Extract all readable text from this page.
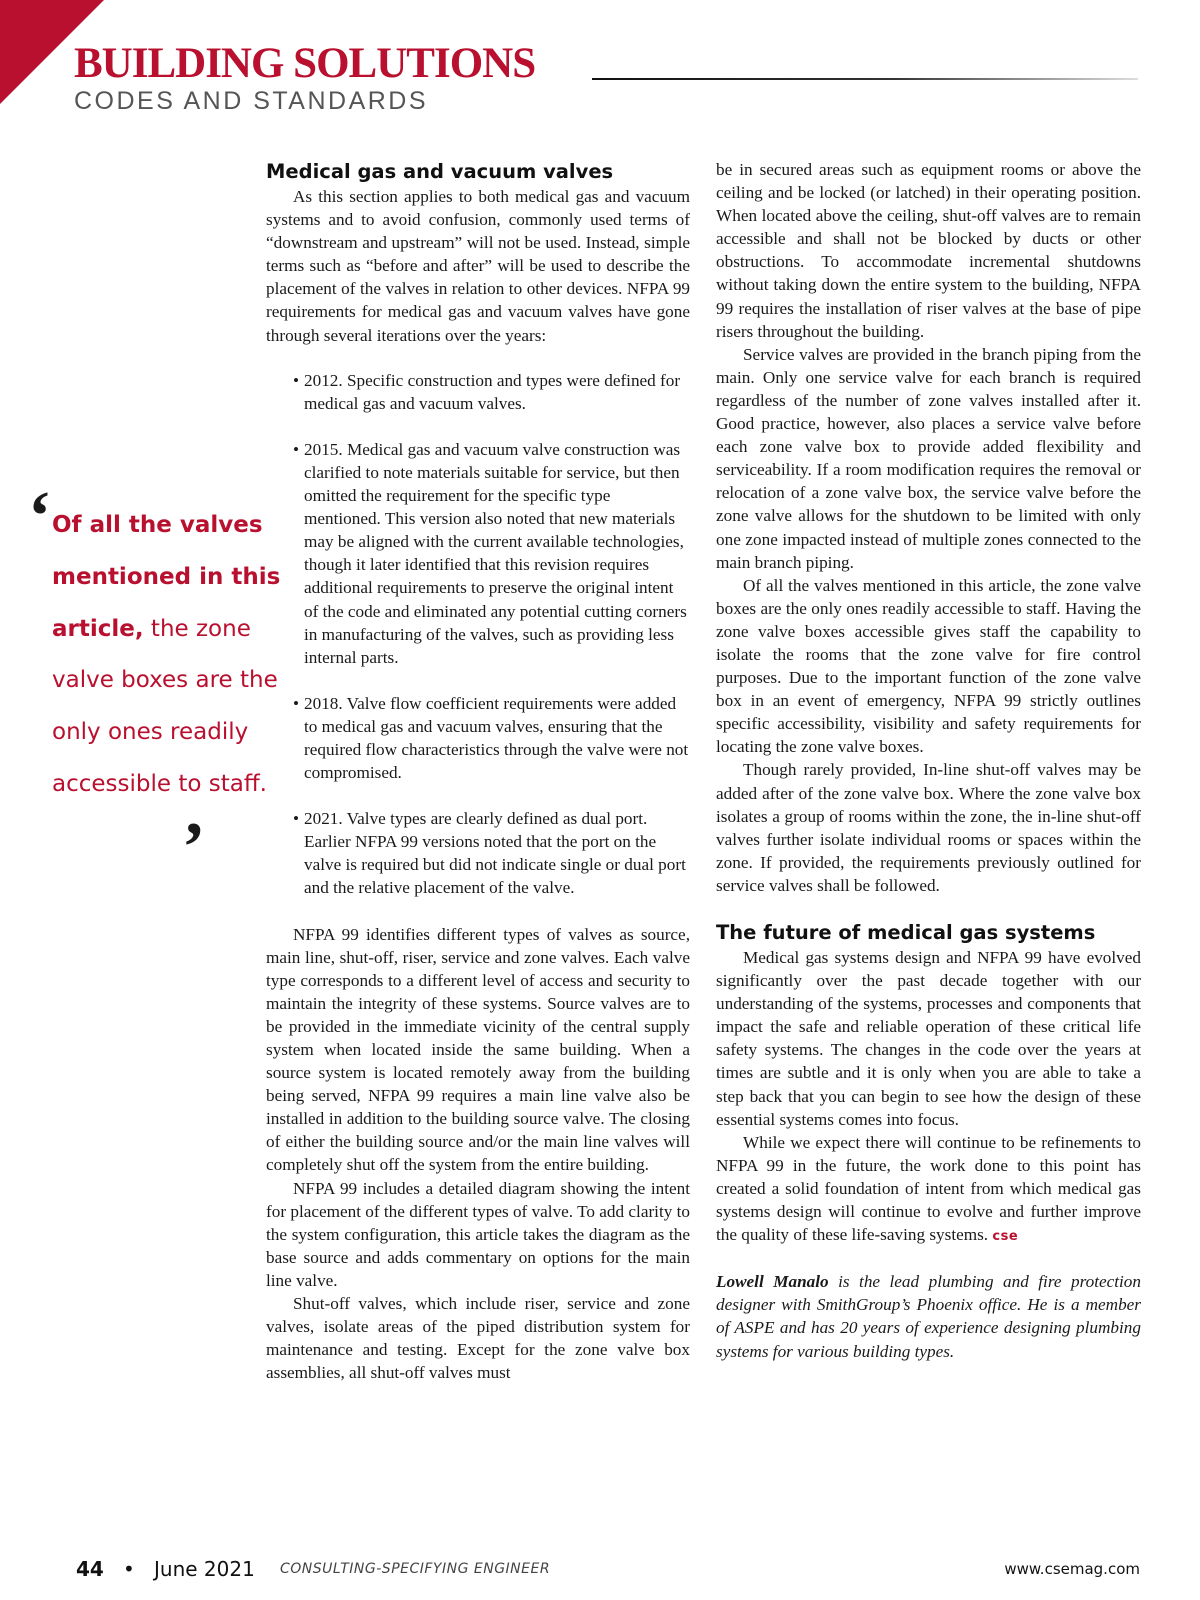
BUILDING SOLUTIONS
CODES AND STANDARDS
‘ Of all the valves mentioned in this article, the zone valve boxes are the only ones readily accessible to staff.
’
Medical gas and vacuum valves

As this section applies to both medical gas and vacuum systems and to avoid confusion, commonly used terms of “downstream and upstream” will not be used. Instead, simple terms such as “before and after” will be used to describe the placement of the valves in relation to other devices. NFPA 99 requirements for medical gas and vacuum valves have gone through several iterations over the years:

• 2012. Specific construction and types were defined for medical gas and vacuum valves.
• 2015. Medical gas and vacuum valve construction was clarified to note materials suitable for service, but then omitted the requirement for the specific type mentioned. This version also noted that new materials may be aligned with the current available technologies, though it later identified that this revision requires additional requirements to preserve the original intent of the code and eliminated any potential cutting corners in manufacturing of the valves, such as providing less internal parts.
• 2018. Valve flow coefficient requirements were added to medical gas and vacuum valves, ensuring that the required flow characteristics through the valve were not compromised.
• 2021. Valve types are clearly defined as dual port. Earlier NFPA 99 versions noted that the port on the valve is required but did not indicate single or dual port and the relative placement of the valve.

NFPA 99 identifies different types of valves as source, main line, shut-off, riser, service and zone valves. Each valve type corresponds to a different level of access and security to maintain the integrity of these systems. Source valves are to be provided in the immediate vicinity of the central supply system when located inside the same building. When a source system is located remotely away from the building being served, NFPA 99 requires a main line valve also be installed in addition to the building source valve. The closing of either the building source and/or the main line valves will completely shut off the system from the entire building.

NFPA 99 includes a detailed diagram showing the intent for placement of the different types of valve. To add clarity to the system configuration, this article takes the diagram as the base source and adds commentary on options for the main line valve.

Shut-off valves, which include riser, service and zone valves, isolate areas of the piped distribution system for maintenance and testing. Except for the zone valve box assemblies, all shut-off valves must

be in secured areas such as equipment rooms or above the ceiling and be locked (or latched) in their operating position. When located above the ceiling, shut-off valves are to remain accessible and shall not be blocked by ducts or other obstructions. To accommodate incremental shutdowns without taking down the entire system to the building, NFPA 99 requires the installation of riser valves at the base of pipe risers throughout the building.

Service valves are provided in the branch piping from the main. Only one service valve for each branch is required regardless of the number of zone valves installed after it. Good practice, however, also places a service valve before each zone valve box to provide added flexibility and serviceability. If a room modification requires the removal or relocation of a zone valve box, the service valve before the zone valve allows for the shutdown to be limited with only one zone impacted instead of multiple zones connected to the main branch piping.

Of all the valves mentioned in this article, the zone valve boxes are the only ones readily accessible to staff. Having the zone valve boxes accessible gives staff the capability to isolate the rooms that the zone valve for fire control purposes. Due to the important function of the zone valve box in an event of emergency, NFPA 99 strictly outlines specific accessibility, visibility and safety requirements for locating the zone valve boxes.

Though rarely provided, In-line shut-off valves may be added after of the zone valve box. Where the zone valve box isolates a group of rooms within the zone, the in-line shut-off valves further isolate individual rooms or spaces within the zone. If provided, the requirements previously outlined for service valves shall be followed.

The future of medical gas systems

Medical gas systems design and NFPA 99 have evolved significantly over the past decade together with our understanding of the systems, processes and components that impact the safe and reliable operation of these critical life safety systems. The changes in the code over the years at times are subtle and it is only when you are able to take a step back that you can begin to see how the design of these essential systems comes into focus.

While we expect there will continue to be refinements to NFPA 99 in the future, the work done to this point has created a solid foundation of intent from which medical gas systems design will continue to evolve and further improve the quality of these life-saving systems. cse

Lowell Manalo is the lead plumbing and fire protection designer with SmithGroup’s Phoenix office. He is a member of ASPE and has 20 years of experience designing plumbing systems for various building types.

44 • June 2021 CONSULTING-SPECIFYING ENGINEER	www.csemag.com
